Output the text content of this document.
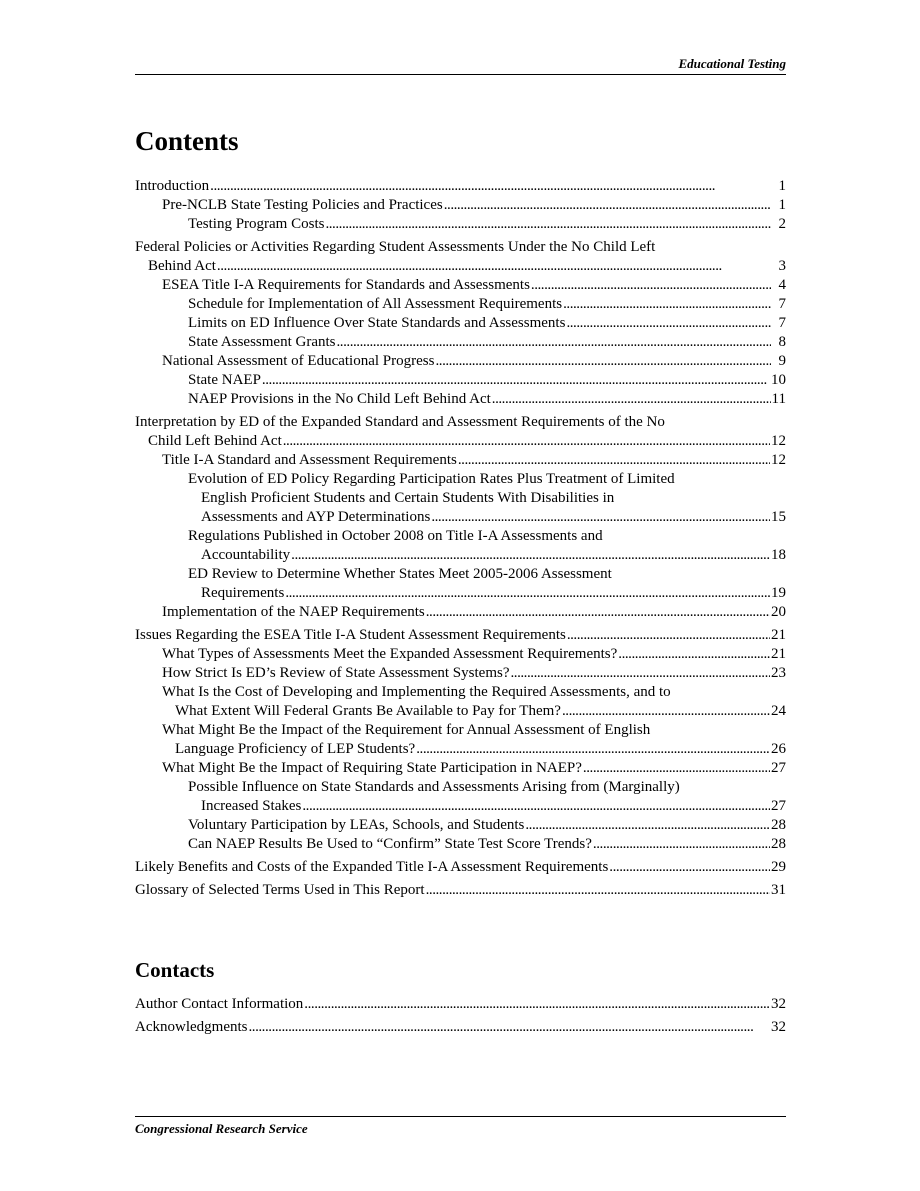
Educational Testing
Contents
Introduction . . .	1
Pre-NCLB State Testing Policies and Practices . . .	1
Testing Program Costs . . .	2
Federal Policies or Activities Regarding Student Assessments Under the No Child Left
Behind Act . . .	3
ESEA Title I-A Requirements for Standards and Assessments . . .	4
Schedule for Implementation of All Assessment Requirements . . .	7
Limits on ED Influence Over State Standards and Assessments . . .	7
State Assessment Grants . . .	8
National Assessment of Educational Progress . . .	9
State NAEP . . .	10
NAEP Provisions in the No Child Left Behind Act . . .	11
Interpretation by ED of the Expanded Standard and Assessment Requirements of the No
Child Left Behind Act . . .	12
Title I-A Standard and Assessment Requirements . . .	12
Evolution of ED Policy Regarding Participation Rates Plus Treatment of Limited
English Proficient Students and Certain Students With Disabilities in
Assessments and AYP Determinations . . .	15
Regulations Published in October 2008 on Title I-A Assessments and
Accountability . . .	18
ED Review to Determine Whether States Meet 2005-2006 Assessment
Requirements . . .	19
Implementation of the NAEP Requirements . . .	20
Issues Regarding the ESEA Title I-A Student Assessment Requirements . . .	21
What Types of Assessments Meet the Expanded Assessment Requirements? . . .	21
How Strict Is ED’s Review of State Assessment Systems? . . .	23
What Is the Cost of Developing and Implementing the Required Assessments, and to
What Extent Will Federal Grants Be Available to Pay for Them? . . .	24
What Might Be the Impact of the Requirement for Annual Assessment of English
Language Proficiency of LEP Students? . . .	26
What Might Be the Impact of Requiring State Participation in NAEP? . . .	27
Possible Influence on State Standards and Assessments Arising from (Marginally)
Increased Stakes . . .	27
Voluntary Participation by LEAs, Schools, and Students . . .	28
Can NAEP Results Be Used to “Confirm” State Test Score Trends? . . .	28
Likely Benefits and Costs of the Expanded Title I-A Assessment Requirements . . .	29
Glossary of Selected Terms Used in This Report . . .	31
Contacts
Author Contact Information . . .	32
Acknowledgments . . .	32
Congressional Research Service
